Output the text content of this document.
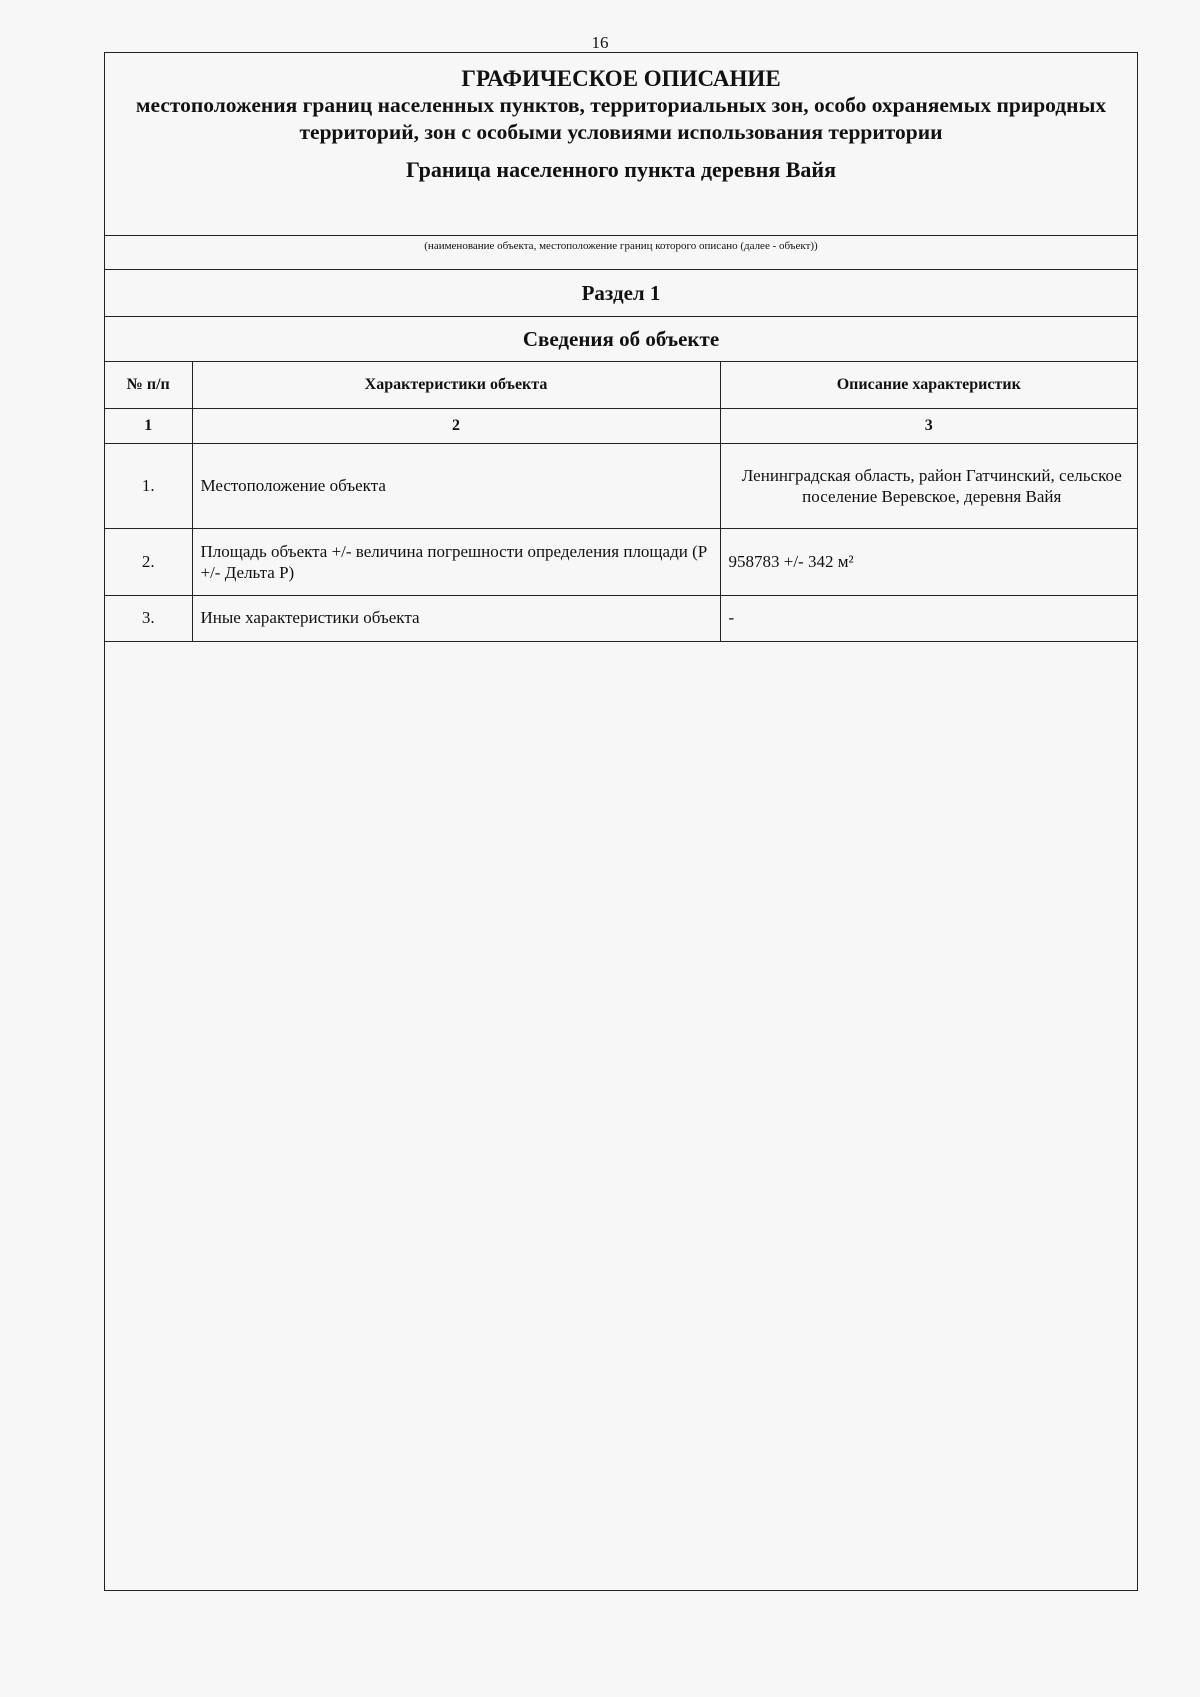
16
ГРАФИЧЕСКОЕ ОПИСАНИЕ
местоположения границ населенных пунктов, территориальных зон, особо охраняемых природных территорий, зон с особыми условиями использования территории
Граница населенного пункта деревня Вайя
(наименование объекта, местоположение границ которого описано (далее - объект))
Раздел 1
Сведения об объекте
№ п/п	Характеристики объекта	Описание характеристик
1	2	3
1.	Местоположение объекта	Ленинградская область, район Гатчинский, сельское поселение Веревское, деревня Вайя
2.	Площадь объекта +/- величина погрешности определения площади (Р +/- Дельта Р)	958783 +/- 342 м²
3.	Иные характеристики объекта	-
